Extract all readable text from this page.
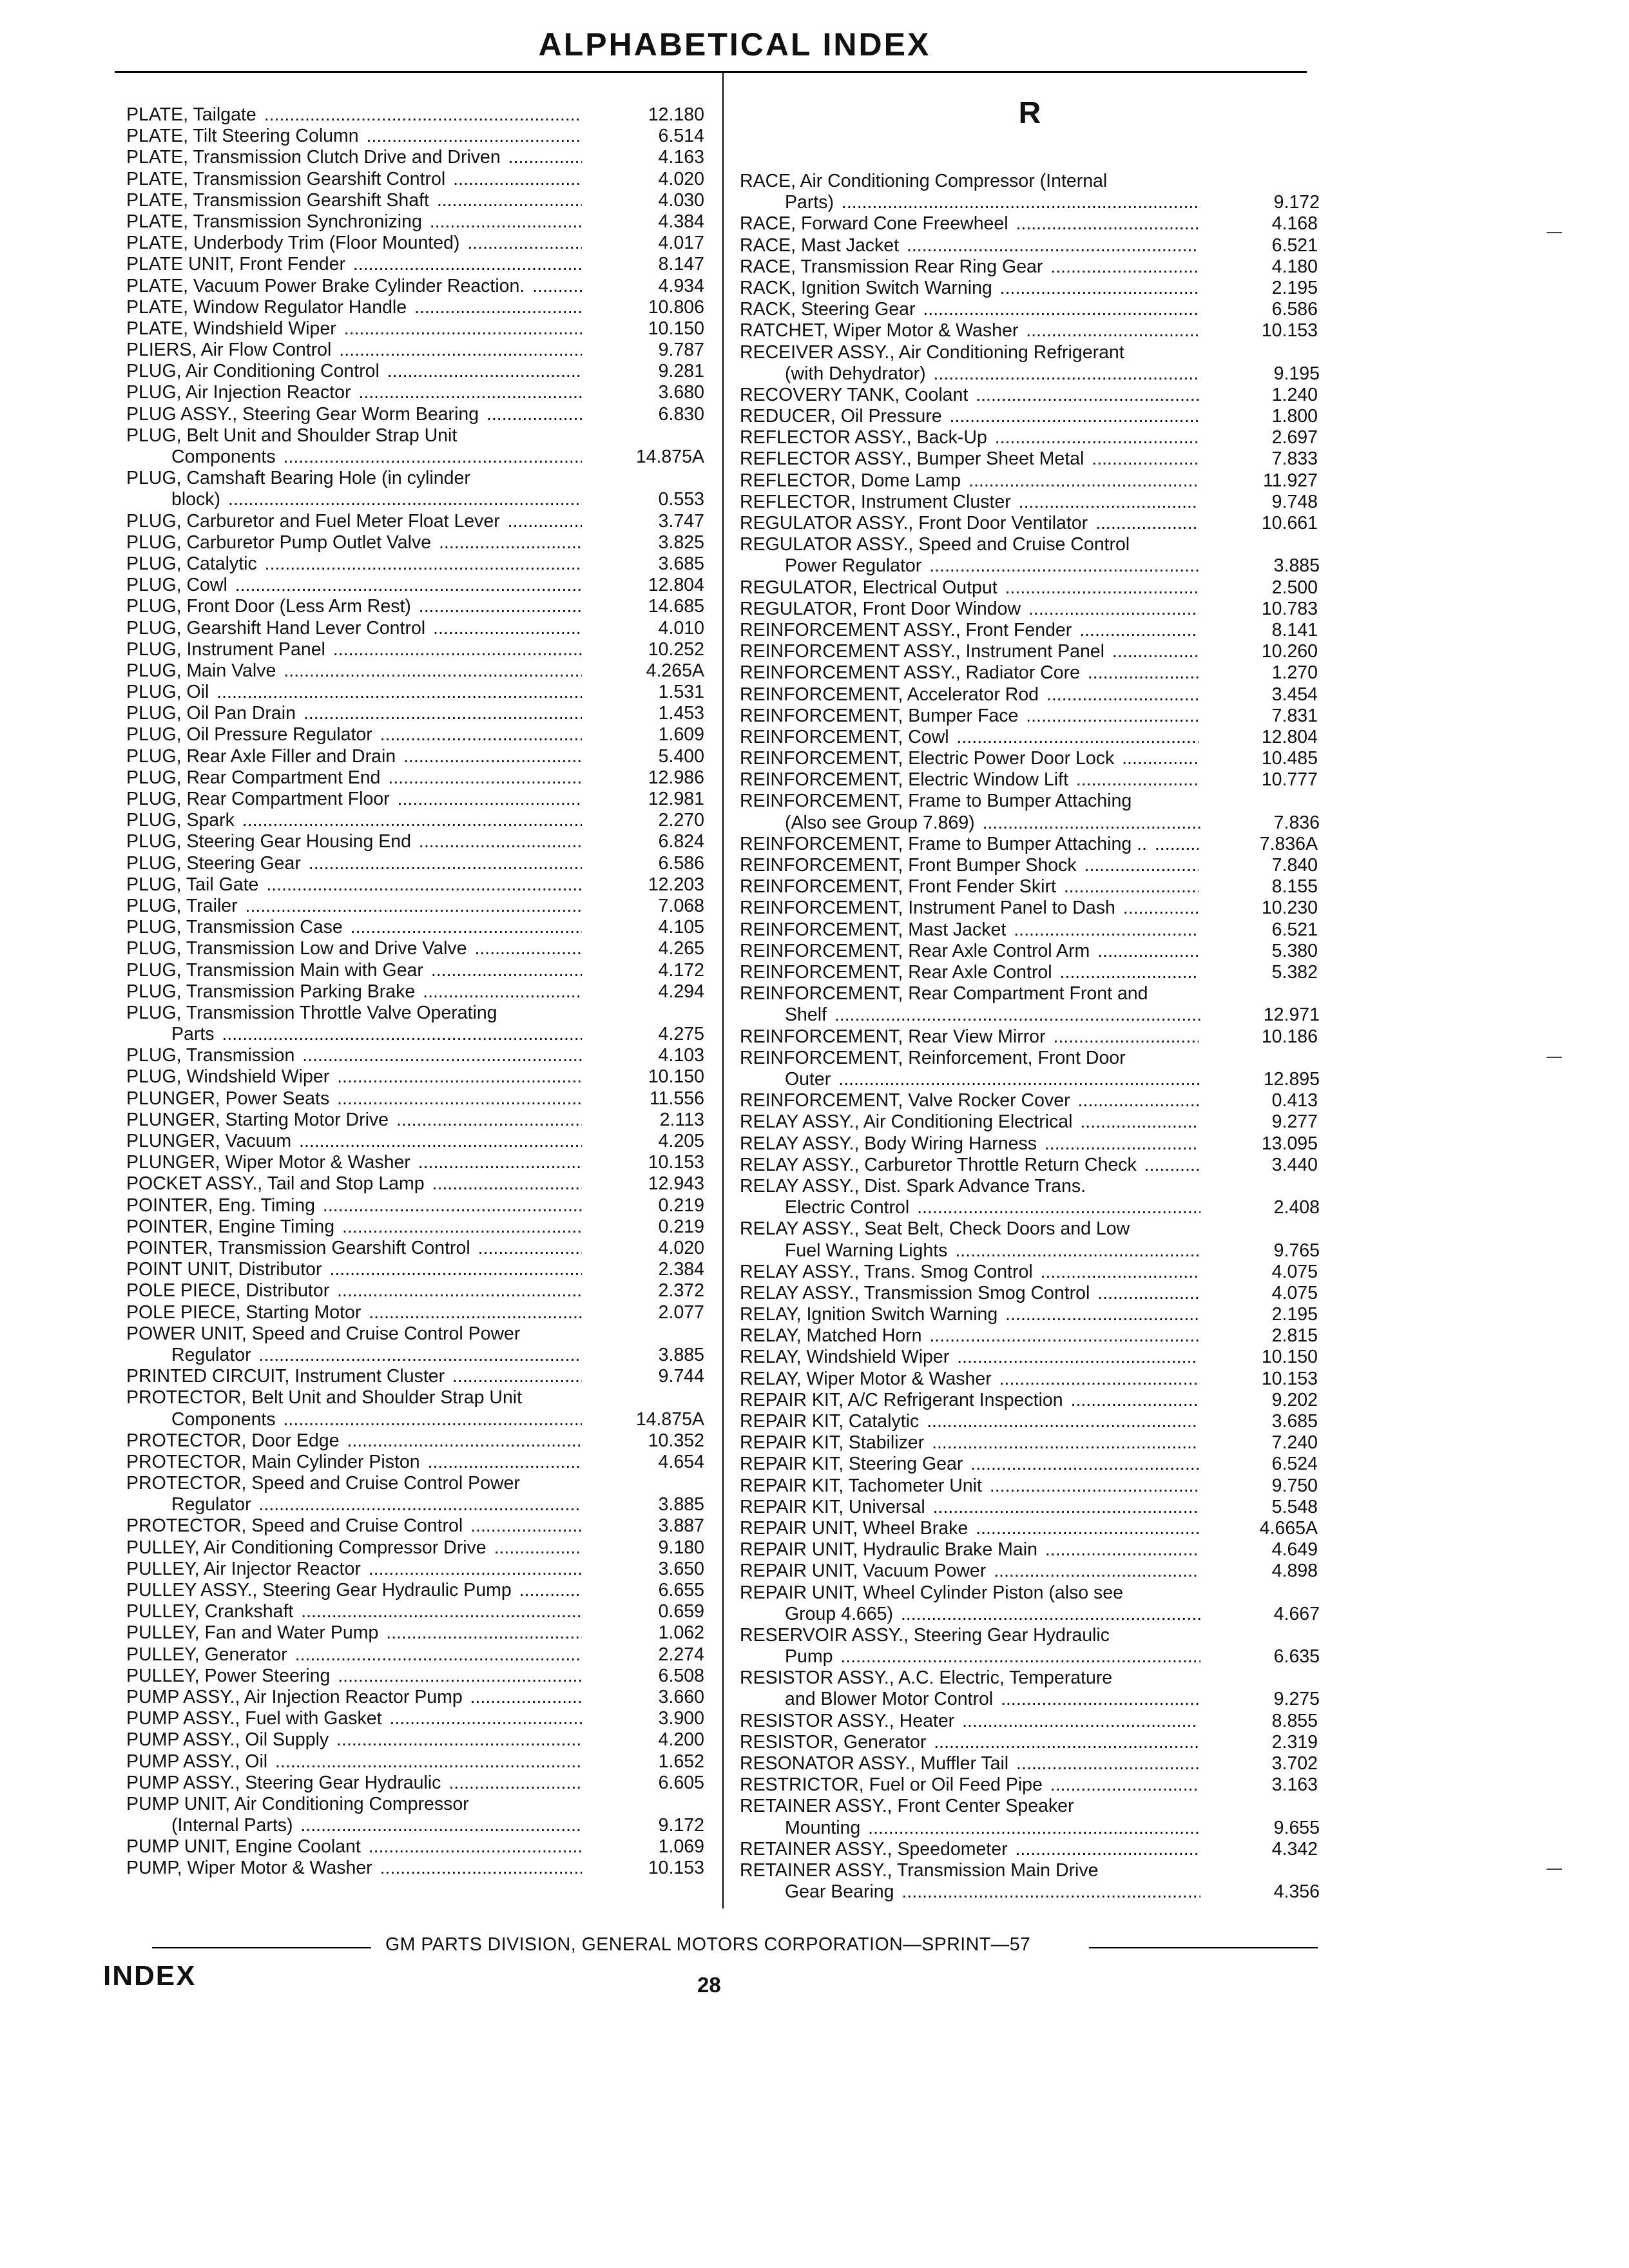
ALPHABETICAL INDEX
R
PLATE, Tailgate .....	12.180
PLATE, Tilt Steering Column .....	6.514
PLATE, Transmission Clutch Drive and Driven .....	4.163
PLATE, Transmission Gearshift Control .....	4.020
PLATE, Transmission Gearshift Shaft .....	4.030
PLATE, Transmission Synchronizing .....	4.384
PLATE, Underbody Trim (Floor Mounted) .....	4.017
PLATE UNIT, Front Fender .....	8.147
PLATE, Vacuum Power Brake Cylinder Reaction. .....	4.934
PLATE, Window Regulator Handle .....	10.806
PLATE, Windshield Wiper .....	10.150
PLIERS, Air Flow Control .....	9.787
PLUG, Air Conditioning Control .....	9.281
PLUG, Air Injection Reactor .....	3.680
PLUG ASSY., Steering Gear Worm Bearing .....	6.830
PLUG, Belt Unit and Shoulder Strap Unit
Components .....	14.875A
PLUG, Camshaft Bearing Hole (in cylinder
block) .....	0.553
PLUG, Carburetor and Fuel Meter Float Lever .....	3.747
PLUG, Carburetor Pump Outlet Valve .....	3.825
PLUG, Catalytic .....	3.685
PLUG, Cowl .....	12.804
PLUG, Front Door (Less Arm Rest) .....	14.685
PLUG, Gearshift Hand Lever Control .....	4.010
PLUG, Instrument Panel .....	10.252
PLUG, Main Valve .....	4.265A
PLUG, Oil .....	1.531
PLUG, Oil Pan Drain .....	1.453
PLUG, Oil Pressure Regulator .....	1.609
PLUG, Rear Axle Filler and Drain .....	5.400
PLUG, Rear Compartment End .....	12.986
PLUG, Rear Compartment Floor .....	12.981
PLUG, Spark .....	2.270
PLUG, Steering Gear Housing End .....	6.824
PLUG, Steering Gear .....	6.586
PLUG, Tail Gate .....	12.203
PLUG, Trailer .....	7.068
PLUG, Transmission Case .....	4.105
PLUG, Transmission Low and Drive Valve .....	4.265
PLUG, Transmission Main with Gear .....	4.172
PLUG, Transmission Parking Brake .....	4.294
PLUG, Transmission Throttle Valve Operating
Parts .....	4.275
PLUG, Transmission .....	4.103
PLUG, Windshield Wiper .....	10.150
PLUNGER, Power Seats .....	11.556
PLUNGER, Starting Motor Drive .....	2.113
PLUNGER, Vacuum .....	4.205
PLUNGER, Wiper Motor & Washer .....	10.153
POCKET ASSY., Tail and Stop Lamp .....	12.943
POINTER, Eng. Timing .....	0.219
POINTER, Engine Timing .....	0.219
POINTER, Transmission Gearshift Control .....	4.020
POINT UNIT, Distributor .....	2.384
POLE PIECE, Distributor .....	2.372
POLE PIECE, Starting Motor .....	2.077
POWER UNIT, Speed and Cruise Control Power
Regulator .....	3.885
PRINTED CIRCUIT, Instrument Cluster .....	9.744
PROTECTOR, Belt Unit and Shoulder Strap Unit
Components .....	14.875A
PROTECTOR, Door Edge .....	10.352
PROTECTOR, Main Cylinder Piston .....	4.654
PROTECTOR, Speed and Cruise Control Power
Regulator .....	3.885
PROTECTOR, Speed and Cruise Control .....	3.887
PULLEY, Air Conditioning Compressor Drive .....	9.180
PULLEY, Air Injector Reactor .....	3.650
PULLEY ASSY., Steering Gear Hydraulic Pump .....	6.655
PULLEY, Crankshaft .....	0.659
PULLEY, Fan and Water Pump .....	1.062
PULLEY, Generator .....	2.274
PULLEY, Power Steering .....	6.508
PUMP ASSY., Air Injection Reactor Pump .....	3.660
PUMP ASSY., Fuel with Gasket .....	3.900
PUMP ASSY., Oil Supply .....	4.200
PUMP ASSY., Oil .....	1.652
PUMP ASSY., Steering Gear Hydraulic .....	6.605
PUMP UNIT, Air Conditioning Compressor
(Internal Parts) .....	9.172
PUMP UNIT, Engine Coolant .....	1.069
PUMP, Wiper Motor & Washer .....	10.153
RACE, Air Conditioning Compressor (Internal
Parts) .....	9.172
RACE, Forward Cone Freewheel .....	4.168
RACE, Mast Jacket .....	6.521
RACE, Transmission Rear Ring Gear .....	4.180
RACK, Ignition Switch Warning .....	2.195
RACK, Steering Gear .....	6.586
RATCHET, Wiper Motor & Washer .....	10.153
RECEIVER ASSY., Air Conditioning Refrigerant
(with Dehydrator) .....	9.195
RECOVERY TANK, Coolant .....	1.240
REDUCER, Oil Pressure .....	1.800
REFLECTOR ASSY., Back-Up .....	2.697
REFLECTOR ASSY., Bumper Sheet Metal .....	7.833
REFLECTOR, Dome Lamp .....	11.927
REFLECTOR, Instrument Cluster .....	9.748
REGULATOR ASSY., Front Door Ventilator .....	10.661
REGULATOR ASSY., Speed and Cruise Control
Power Regulator .....	3.885
REGULATOR, Electrical Output .....	2.500
REGULATOR, Front Door Window .....	10.783
REINFORCEMENT ASSY., Front Fender .....	8.141
REINFORCEMENT ASSY., Instrument Panel .....	10.260
REINFORCEMENT ASSY., Radiator Core .....	1.270
REINFORCEMENT, Accelerator Rod .....	3.454
REINFORCEMENT, Bumper Face .....	7.831
REINFORCEMENT, Cowl .....	12.804
REINFORCEMENT, Electric Power Door Lock .....	10.485
REINFORCEMENT, Electric Window Lift .....	10.777
REINFORCEMENT, Frame to Bumper Attaching
(Also see Group 7.869) .....	7.836
REINFORCEMENT, Frame to Bumper Attaching .. .....	7.836A
REINFORCEMENT, Front Bumper Shock .....	7.840
REINFORCEMENT, Front Fender Skirt .....	8.155
REINFORCEMENT, Instrument Panel to Dash .....	10.230
REINFORCEMENT, Mast Jacket .....	6.521
REINFORCEMENT, Rear Axle Control Arm .....	5.380
REINFORCEMENT, Rear Axle Control .....	5.382
REINFORCEMENT, Rear Compartment Front and
Shelf .....	12.971
REINFORCEMENT, Rear View Mirror .....	10.186
REINFORCEMENT, Reinforcement, Front Door
Outer .....	12.895
REINFORCEMENT, Valve Rocker Cover .....	0.413
RELAY ASSY., Air Conditioning Electrical .....	9.277
RELAY ASSY., Body Wiring Harness .....	13.095
RELAY ASSY., Carburetor Throttle Return Check .....	3.440
RELAY ASSY., Dist. Spark Advance Trans.
Electric Control .....	2.408
RELAY ASSY., Seat Belt, Check Doors and Low
Fuel Warning Lights .....	9.765
RELAY ASSY., Trans. Smog Control .....	4.075
RELAY ASSY., Transmission Smog Control .....	4.075
RELAY, Ignition Switch Warning .....	2.195
RELAY, Matched Horn .....	2.815
RELAY, Windshield Wiper .....	10.150
RELAY, Wiper Motor & Washer .....	10.153
REPAIR KIT, A/C Refrigerant Inspection .....	9.202
REPAIR KIT, Catalytic .....	3.685
REPAIR KIT, Stabilizer .....	7.240
REPAIR KIT, Steering Gear .....	6.524
REPAIR KIT, Tachometer Unit .....	9.750
REPAIR KIT, Universal .....	5.548
REPAIR UNIT, Wheel Brake .....	4.665A
REPAIR UNIT, Hydraulic Brake Main .....	4.649
REPAIR UNIT, Vacuum Power .....	4.898
REPAIR UNIT, Wheel Cylinder Piston (also see
Group 4.665) .....	4.667
RESERVOIR ASSY., Steering Gear Hydraulic
Pump .....	6.635
RESISTOR ASSY., A.C. Electric, Temperature
and Blower Motor Control .....	9.275
RESISTOR ASSY., Heater .....	8.855
RESISTOR, Generator .....	2.319
RESONATOR ASSY., Muffler Tail .....	3.702
RESTRICTOR, Fuel or Oil Feed Pipe .....	3.163
RETAINER ASSY., Front Center Speaker
Mounting .....	9.655
RETAINER ASSY., Speedometer .....	4.342
RETAINER ASSY., Transmission Main Drive
Gear Bearing .....	4.356
GM PARTS DIVISION, GENERAL MOTORS CORPORATION—SPRINT—57
INDEX	28
